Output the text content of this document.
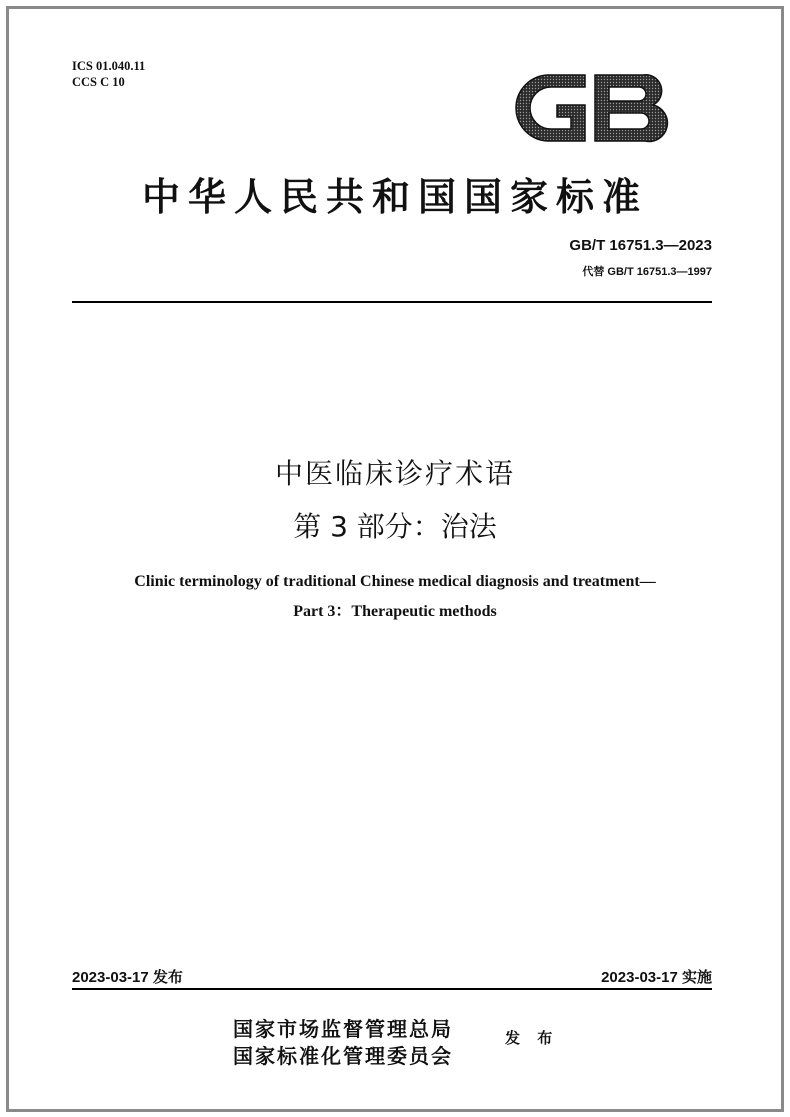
ICS 01.040.11
CCS C 10
中华人民共和国国家标准
GB/T 16751.3—2023
代替 GB/T 16751.3—1997
中医临床诊疗术语
第 3 部分：治法
Clinic terminology of traditional Chinese medical diagnosis and treatment—
Part 3：Therapeutic methods
2023-03-17 发布	2023-03-17 实施
国家市场监督管理总局
国家标准化管理委员会
发 布
